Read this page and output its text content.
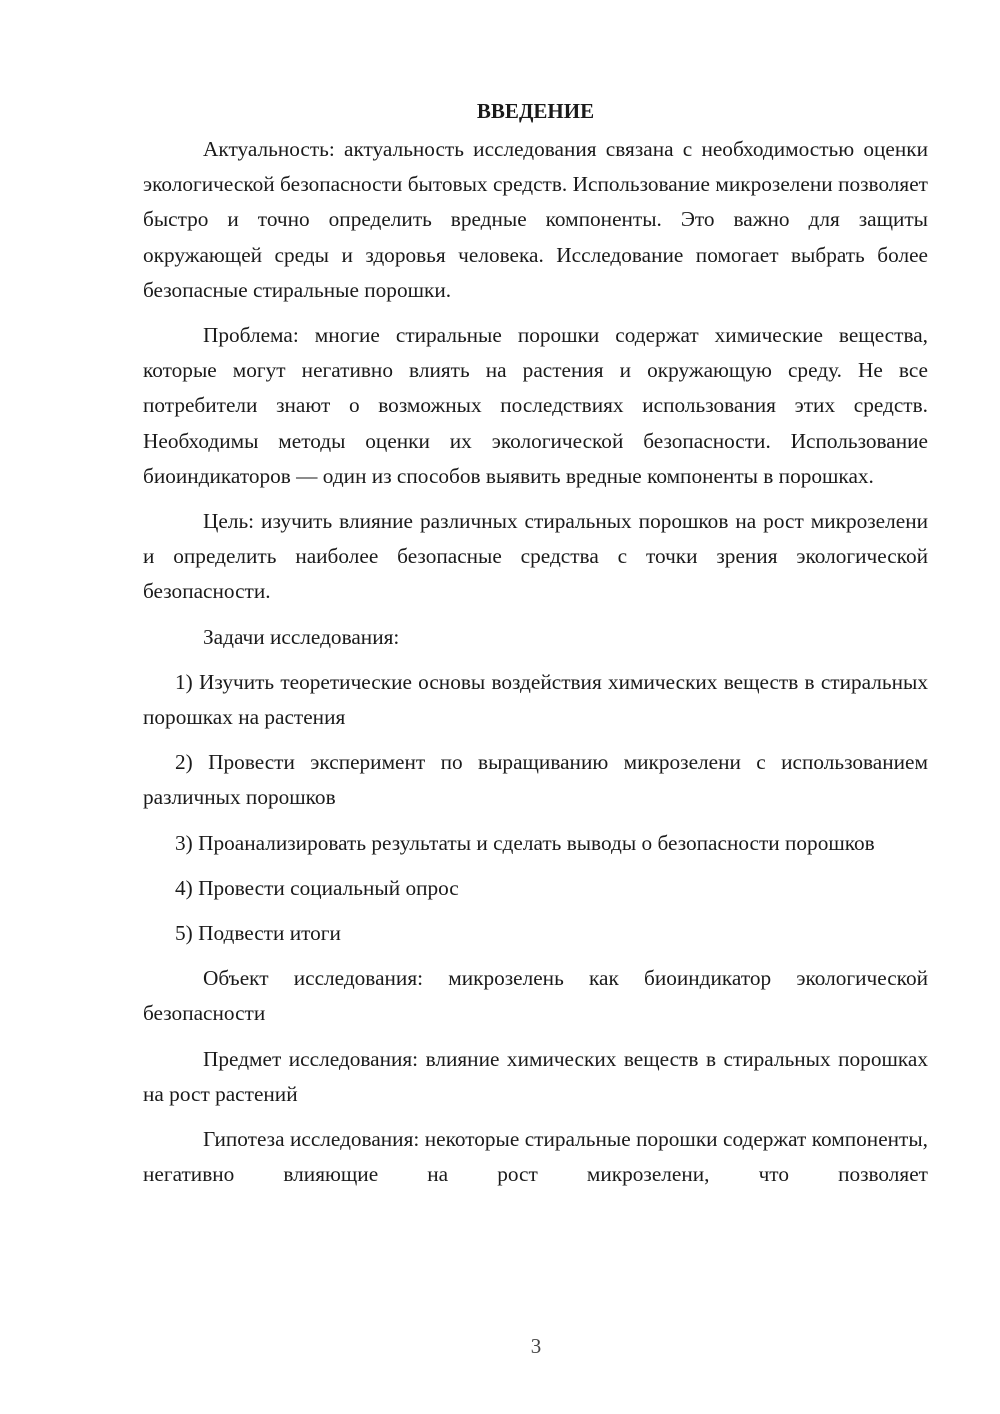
ВВЕДЕНИЕ

Актуальность: актуальность исследования связана с необходимостью оценки экологической безопасности бытовых средств. Использование микрозелени позволяет быстро и точно определить вредные компоненты. Это важно для защиты окружающей среды и здоровья человека. Исследование помогает выбрать более безопасные стиральные порошки.

Проблема: многие стиральные порошки содержат химические вещества, которые могут негативно влиять на растения и окружающую среду. Не все потребители знают о возможных последствиях использования этих средств. Необходимы методы оценки их экологической безопасности. Использование биоиндикаторов — один из способов выявить вредные компоненты в порошках.

Цель: изучить влияние различных стиральных порошков на рост микрозелени и определить наиболее безопасные средства с точки зрения экологической безопасности.

Задачи исследования:

1) Изучить теоретические основы воздействия химических веществ в стиральных порошках на растения

2) Провести эксперимент по выращиванию микрозелени с использованием различных порошков

3) Проанализировать результаты и сделать выводы о безопасности порошков

4) Провести социальный опрос

5) Подвести итоги

Объект исследования: микрозелень как биоиндикатор экологической безопасности

Предмет исследования: влияние химических веществ в стиральных порошках на рост растений

Гипотеза исследования: некоторые стиральные порошки содержат компоненты, негативно влияющие на рост микрозелени, что позволяет

3
